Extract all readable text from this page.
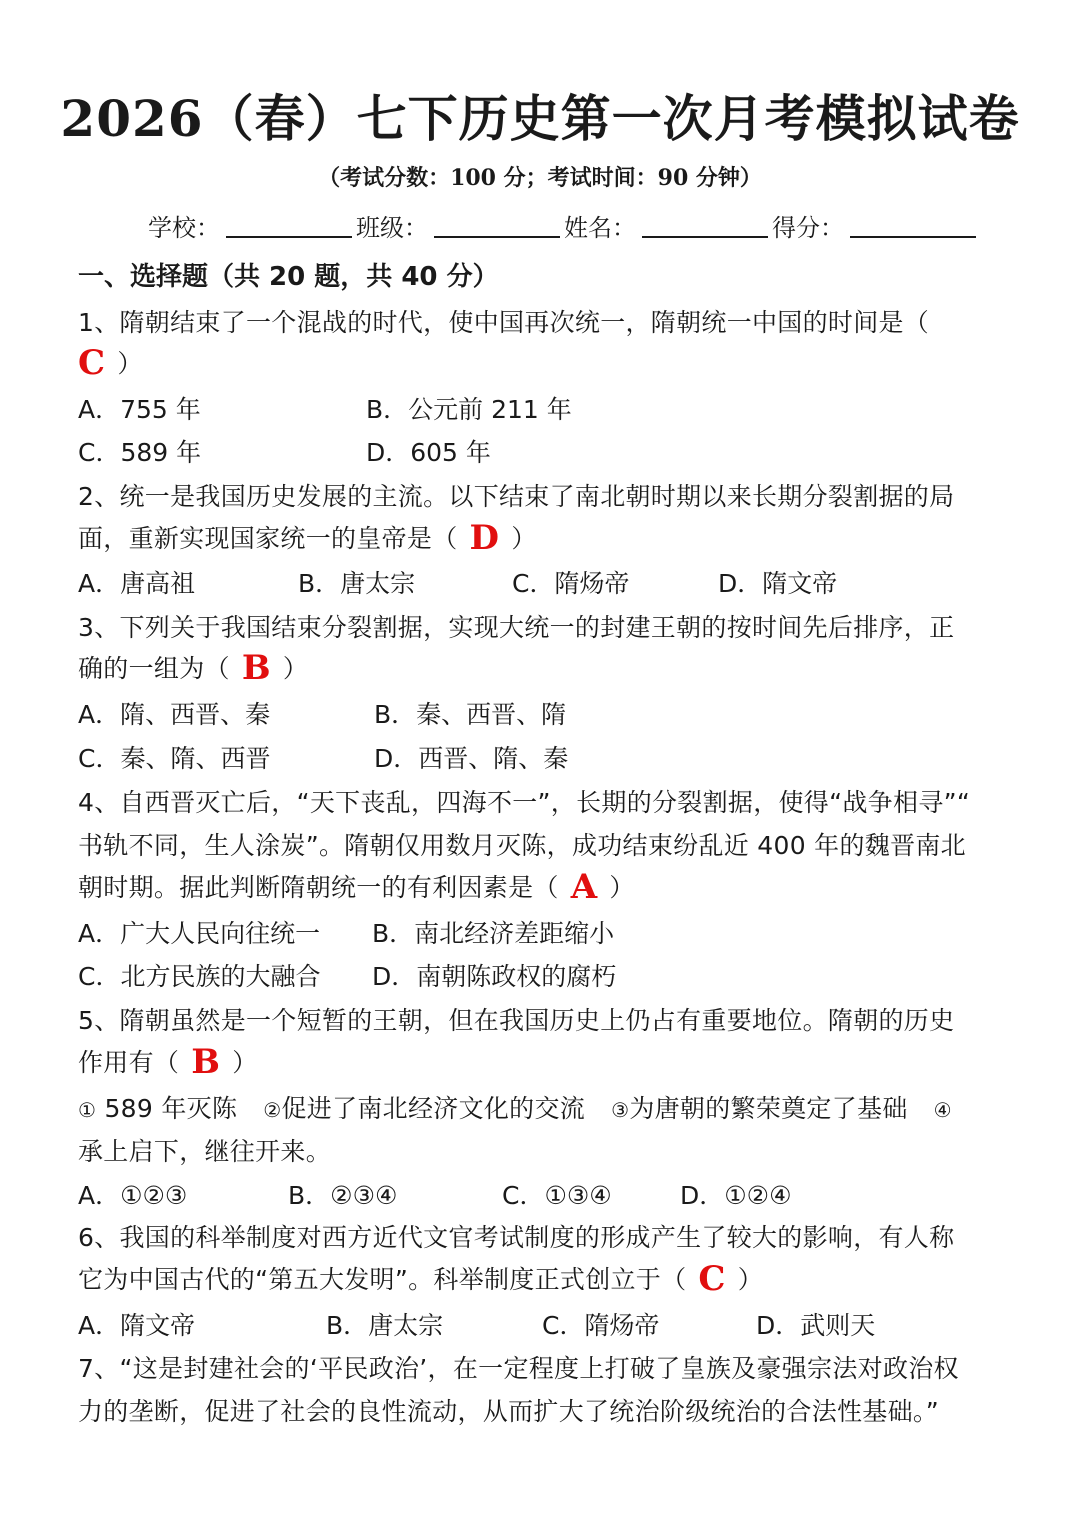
2026（春）七下历史第一次月考模拟试卷
（考试分数：100 分；考试时间：90 分钟）
学校：	班级：	姓名：	得分：
一、选择题（共 20 题，共 40 分）
1、隋朝结束了一个混战的时代，使中国再次统一，隋朝统一中国的时间是（
C ）
A．755 年	B．公元前 211 年
C．589 年	D．605 年
2、统一是我国历史发展的主流。以下结束了南北朝时期以来长期分裂割据的局
面，重新实现国家统一的皇帝是（ D ）
A．唐高祖	B．唐太宗	C．隋炀帝	D．隋文帝
3、下列关于我国结束分裂割据，实现大统一的封建王朝的按时间先后排序，正
确的一组为（ B ）
A．隋、西晋、秦	B．秦、西晋、隋
C．秦、隋、西晋	D．西晋、隋、秦
4、自西晋灭亡后，“天下丧乱，四海不一”，长期的分裂割据，使得“战争相寻”“
书轨不同，生人涂炭”。隋朝仅用数月灭陈，成功结束纷乱近 400 年的魏晋南北
朝时期。据此判断隋朝统一的有利因素是（ A ）
A．广大人民向往统一 B．南北经济差距缩小
C．北方民族的大融合 D．南朝陈政权的腐朽
5、隋朝虽然是一个短暂的王朝，但在我国历史上仍占有重要地位。隋朝的历史
作用有（ B ）
① 589 年灭陈 ②促进了南北经济文化的交流 ③为唐朝的繁荣奠定了基础 ④
承上启下，继往开来。
A．①②③	B．②③④	C．①③④	D．①②④
6、我国的科举制度对西方近代文官考试制度的形成产生了较大的影响，有人称
它为中国古代的“第五大发明”。科举制度正式创立于（ C ）
A．隋文帝	B．唐太宗	C．隋炀帝	D．武则天
7、“这是封建社会的‘平民政治’，在一定程度上打破了皇族及豪强宗法对政治权
力的垄断，促进了社会的良性流动，从而扩大了统治阶级统治的合法性基础。”
